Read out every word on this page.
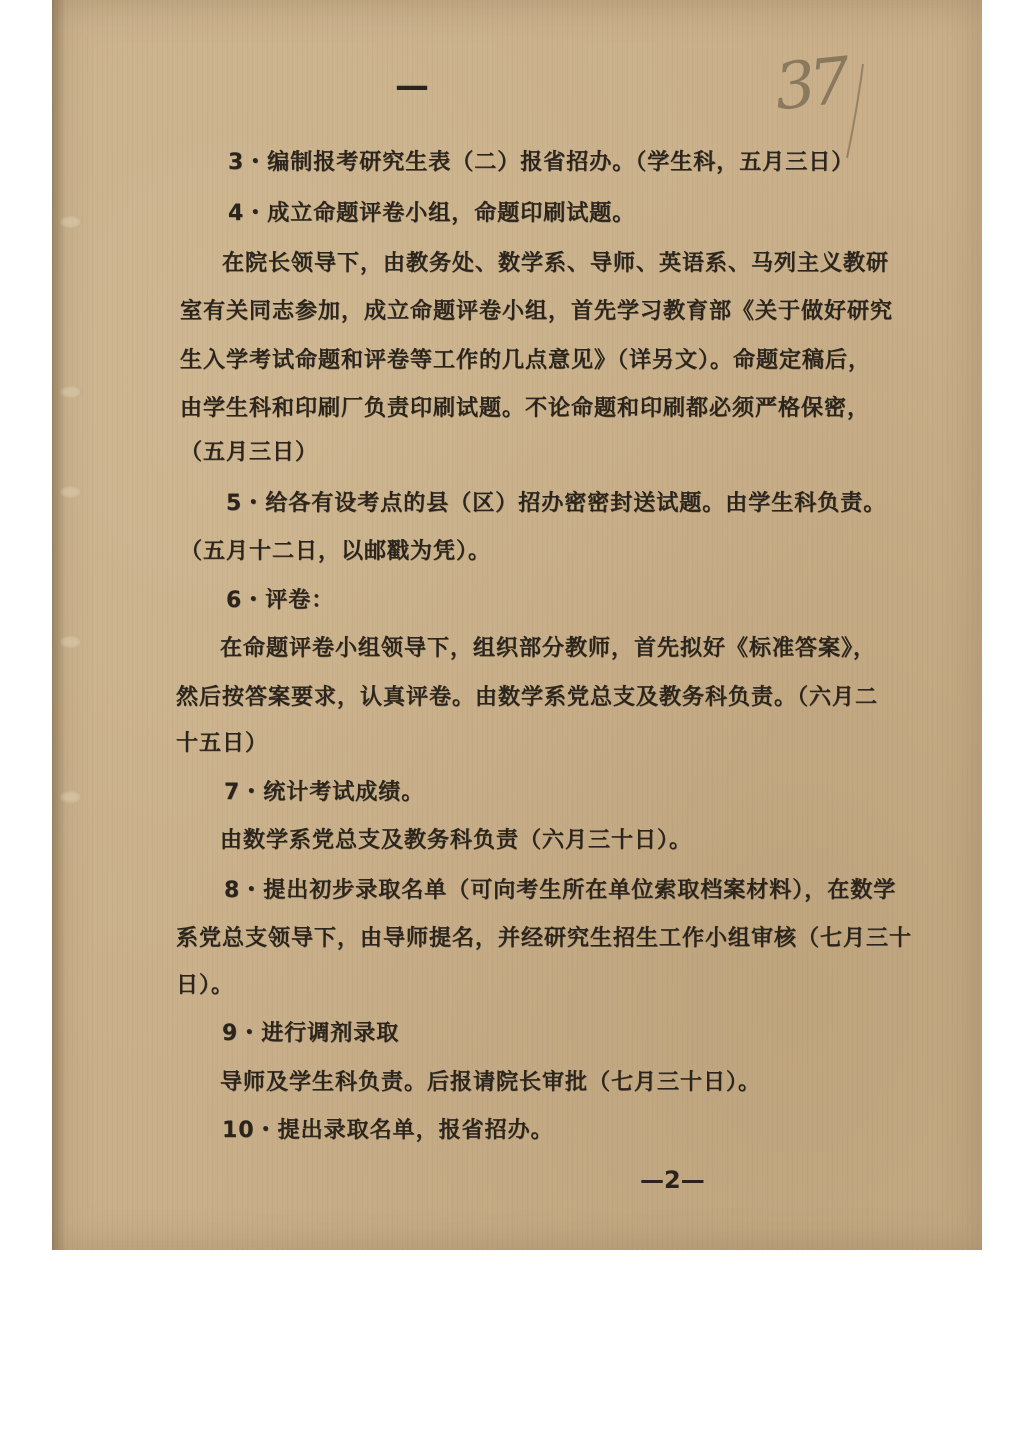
—	37
3・编制报考研究生表（二）报省招办。（学生科，五月三日）
4・成立命题评卷小组，命题印刷试题。
在院长领导下，由教务处、数学系、导师、英语系、马列主义教研
室有关同志参加，成立命题评卷小组，首先学习教育部《关于做好研究
生入学考试命题和评卷等工作的几点意见》（详另文）。命题定稿后，
由学生科和印刷厂负责印刷试题。不论命题和印刷都必须严格保密，
（五月三日）
5・给各有设考点的县（区）招办密密封送试题。由学生科负责。
（五月十二日，以邮戳为凭）。
6・评卷：
在命题评卷小组领导下，组织部分教师，首先拟好《标准答案》，
然后按答案要求，认真评卷。由数学系党总支及教务科负责。（六月二
十五日）
7・统计考试成绩。
由数学系党总支及教务科负责（六月三十日）。
8・提出初步录取名单（可向考生所在单位索取档案材料），在数学
系党总支领导下，由导师提名，并经研究生招生工作小组审核（七月三十
日）。
9・进行调剂录取
导师及学生科负责。后报请院长审批（七月三十日）。
10・提出录取名单，报省招办。
—2—
